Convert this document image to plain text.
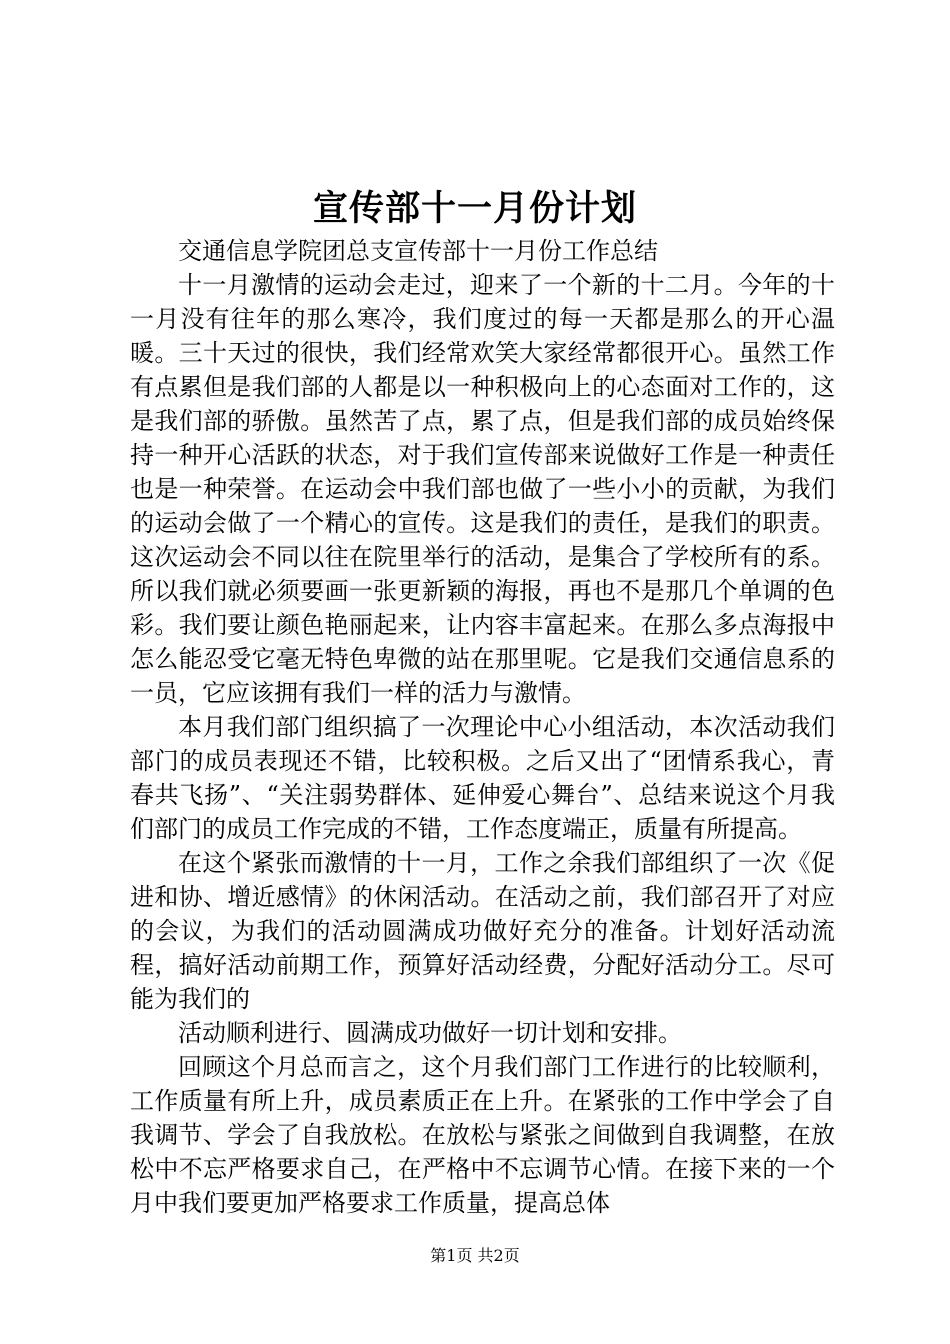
宣传部十一月份计划

交通信息学院团总支宣传部十一月份工作总结

十一月激情的运动会走过，迎来了一个新的十二月。今年的十一月没有往年的那么寒冷，我们度过的每一天都是那么的开心温暖。三十天过的很快，我们经常欢笑大家经常都很开心。虽然工作有点累但是我们部的人都是以一种积极向上的心态面对工作的，这是我们部的骄傲。虽然苦了点，累了点，但是我们部的成员始终保持一种开心活跃的状态，对于我们宣传部来说做好工作是一种责任也是一种荣誉。在运动会中我们部也做了一些小小的贡献，为我们的运动会做了一个精心的宣传。这是我们的责任，是我们的职责。这次运动会不同以往在院里举行的活动，是集合了学校所有的系。所以我们就必须要画一张更新颖的海报，再也不是那几个单调的色彩。我们要让颜色艳丽起来，让内容丰富起来。在那么多点海报中怎么能忍受它毫无特色卑微的站在那里呢。它是我们交通信息系的一员，它应该拥有我们一样的活力与激情。

本月我们部门组织搞了一次理论中心小组活动，本次活动我们部门的成员表现还不错，比较积极。之后又出了“团情系我心，青春共飞扬”、“关注弱势群体、延伸爱心舞台”、总结来说这个月我们部门的成员工作完成的不错，工作态度端正，质量有所提高。

在这个紧张而激情的十一月，工作之余我们部组织了一次《促进和协、增近感情》的休闲活动。在活动之前，我们部召开了对应的会议，为我们的活动圆满成功做好充分的准备。计划好活动流程，搞好活动前期工作，预算好活动经费，分配好活动分工。尽可能为我们的

活动顺利进行、圆满成功做好一切计划和安排。

回顾这个月总而言之，这个月我们部门工作进行的比较顺利，工作质量有所上升，成员素质正在上升。在紧张的工作中学会了自我调节、学会了自我放松。在放松与紧张之间做到自我调整，在放松中不忘严格要求自己，在严格中不忘调节心情。在接下来的一个月中我们要更加严格要求工作质量，提高总体

第1页 共2页
